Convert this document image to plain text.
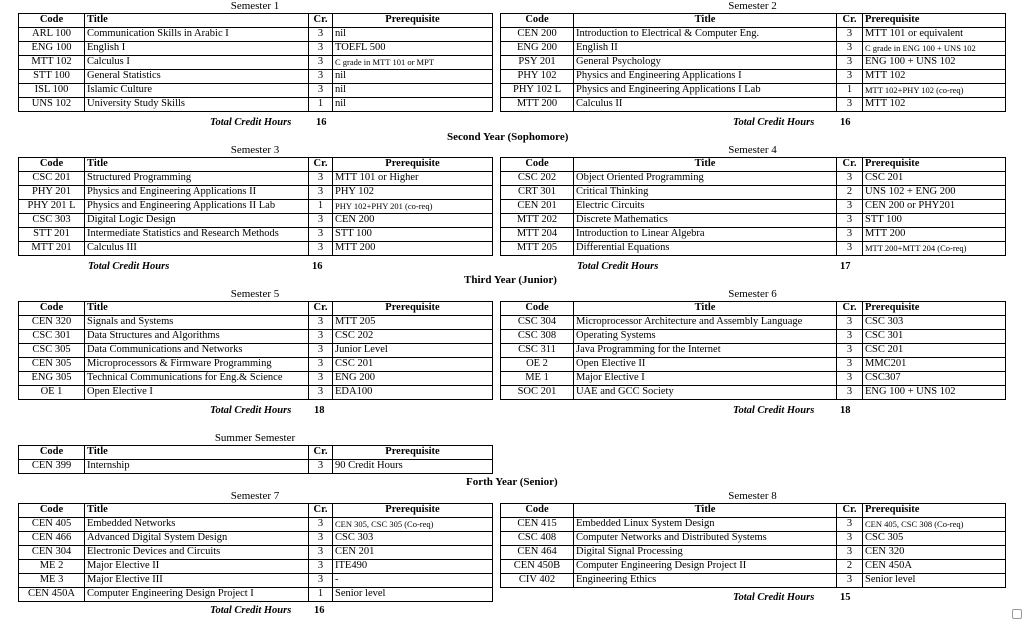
Semester 1
Code	Title	Cr.	Prerequisite
ARL 100	Communication Skills in Arabic I	3	nil
ENG 100	English I	3	TOEFL 500
MTT 102	Calculus I	3	C grade in MTT 101 or MPT
STT 100	General Statistics	3	nil
ISL 100	Islamic Culture	3	nil
UNS 102	University Study Skills	1	nil
Total Credit Hours 16
Semester 2
Code	Title	Cr.	Prerequisite
CEN 200	Introduction to Electrical & Computer Eng.	3	MTT 101 or equivalent
ENG 200	English II	3	C grade in ENG 100 + UNS 102
PSY 201	General Psychology	3	ENG 100 + UNS 102
PHY 102	Physics and Engineering Applications I	3	MTT 102
PHY 102 L	Physics and Engineering Applications I Lab	1	MTT 102+PHY 102 (co-req)
MTT 200	Calculus II	3	MTT 102
Total Credit Hours 16
Second Year (Sophomore)
Semester 3
Code	Title	Cr.	Prerequisite
CSC 201	Structured Programming	3	MTT 101 or Higher
PHY 201	Physics and Engineering Applications II	3	PHY 102
PHY 201 L	Physics and Engineering Applications II Lab	1	PHY 102+PHY 201 (co-req)
CSC 303	Digital Logic Design	3	CEN 200
STT 201	Intermediate Statistics and Research Methods	3	STT 100
MTT 201	Calculus III	3	MTT 200
Total Credit Hours	16
Semester 4
Code	Title	Cr.	Prerequisite
CSC 202	Object Oriented Programming	3	CSC 201
CRT 301	Critical Thinking	2	UNS 102 + ENG 200
CEN 201	Electric Circuits	3	CEN 200 or PHY201
MTT 202	Discrete Mathematics	3	STT 100
MTT 204	Introduction to Linear Algebra	3	MTT 200
MTT 205	Differential Equations	3	MTT 200+MTT 204 (Co-req)
Total Credit Hours	17
Third Year (Junior)
Semester 5
Code	Title	Cr.	Prerequisite
CEN 320	Signals and Systems	3	MTT 205
CSC 301	Data Structures and Algorithms	3	CSC 202
CSC 305	Data Communications and Networks	3	Junior Level
CEN 305	Microprocessors & Firmware Programming	3	CSC 201
ENG 305	Technical Communications for Eng.& Science	3	ENG 200
OE 1	Open Elective I	3	EDA100
Total Credit Hours 18
Semester 6
Code	Title	Cr.	Prerequisite
CSC 304	Microprocessor Architecture and Assembly Language	3	CSC 303
CSC 308	Operating Systems	3	CSC 301
CSC 311	Java Programming for the Internet	3	CSC 201
OE 2	Open Elective II	3	MMC201
ME 1	Major Elective I	3	CSC307
SOC 201	UAE and GCC Society	3	ENG 100 + UNS 102
Total Credit Hours 18
Summer Semester
Code	Title	Cr.	Prerequisite
CEN 399	Internship	3	90 Credit Hours
Forth Year (Senior)
Semester 7
Code	Title	Cr.	Prerequisite
CEN 405	Embedded Networks	3	CEN 305, CSC 305 (Co-req)
CEN 466	Advanced Digital System Design	3	CSC 303
CEN 304	Electronic Devices and Circuits	3	CEN 201
ME 2	Major Elective II	3	ITE490
ME 3	Major Elective III	3	-
CEN 450A	Computer Engineering Design Project I	1	Senior level
Total Credit Hours 16
Semester 8
Code	Title	Cr.	Prerequisite
CEN 415	Embedded Linux System Design	3	CEN 405, CSC 308 (Co-req)
CSC 408	Computer Networks and Distributed Systems	3	CSC 305
CEN 464	Digital Signal Processing	3	CEN 320
CEN 450B	Computer Engineering Design Project II	2	CEN 450A
CIV 402	Engineering Ethics	3	Senior level
Total Credit Hours 15
